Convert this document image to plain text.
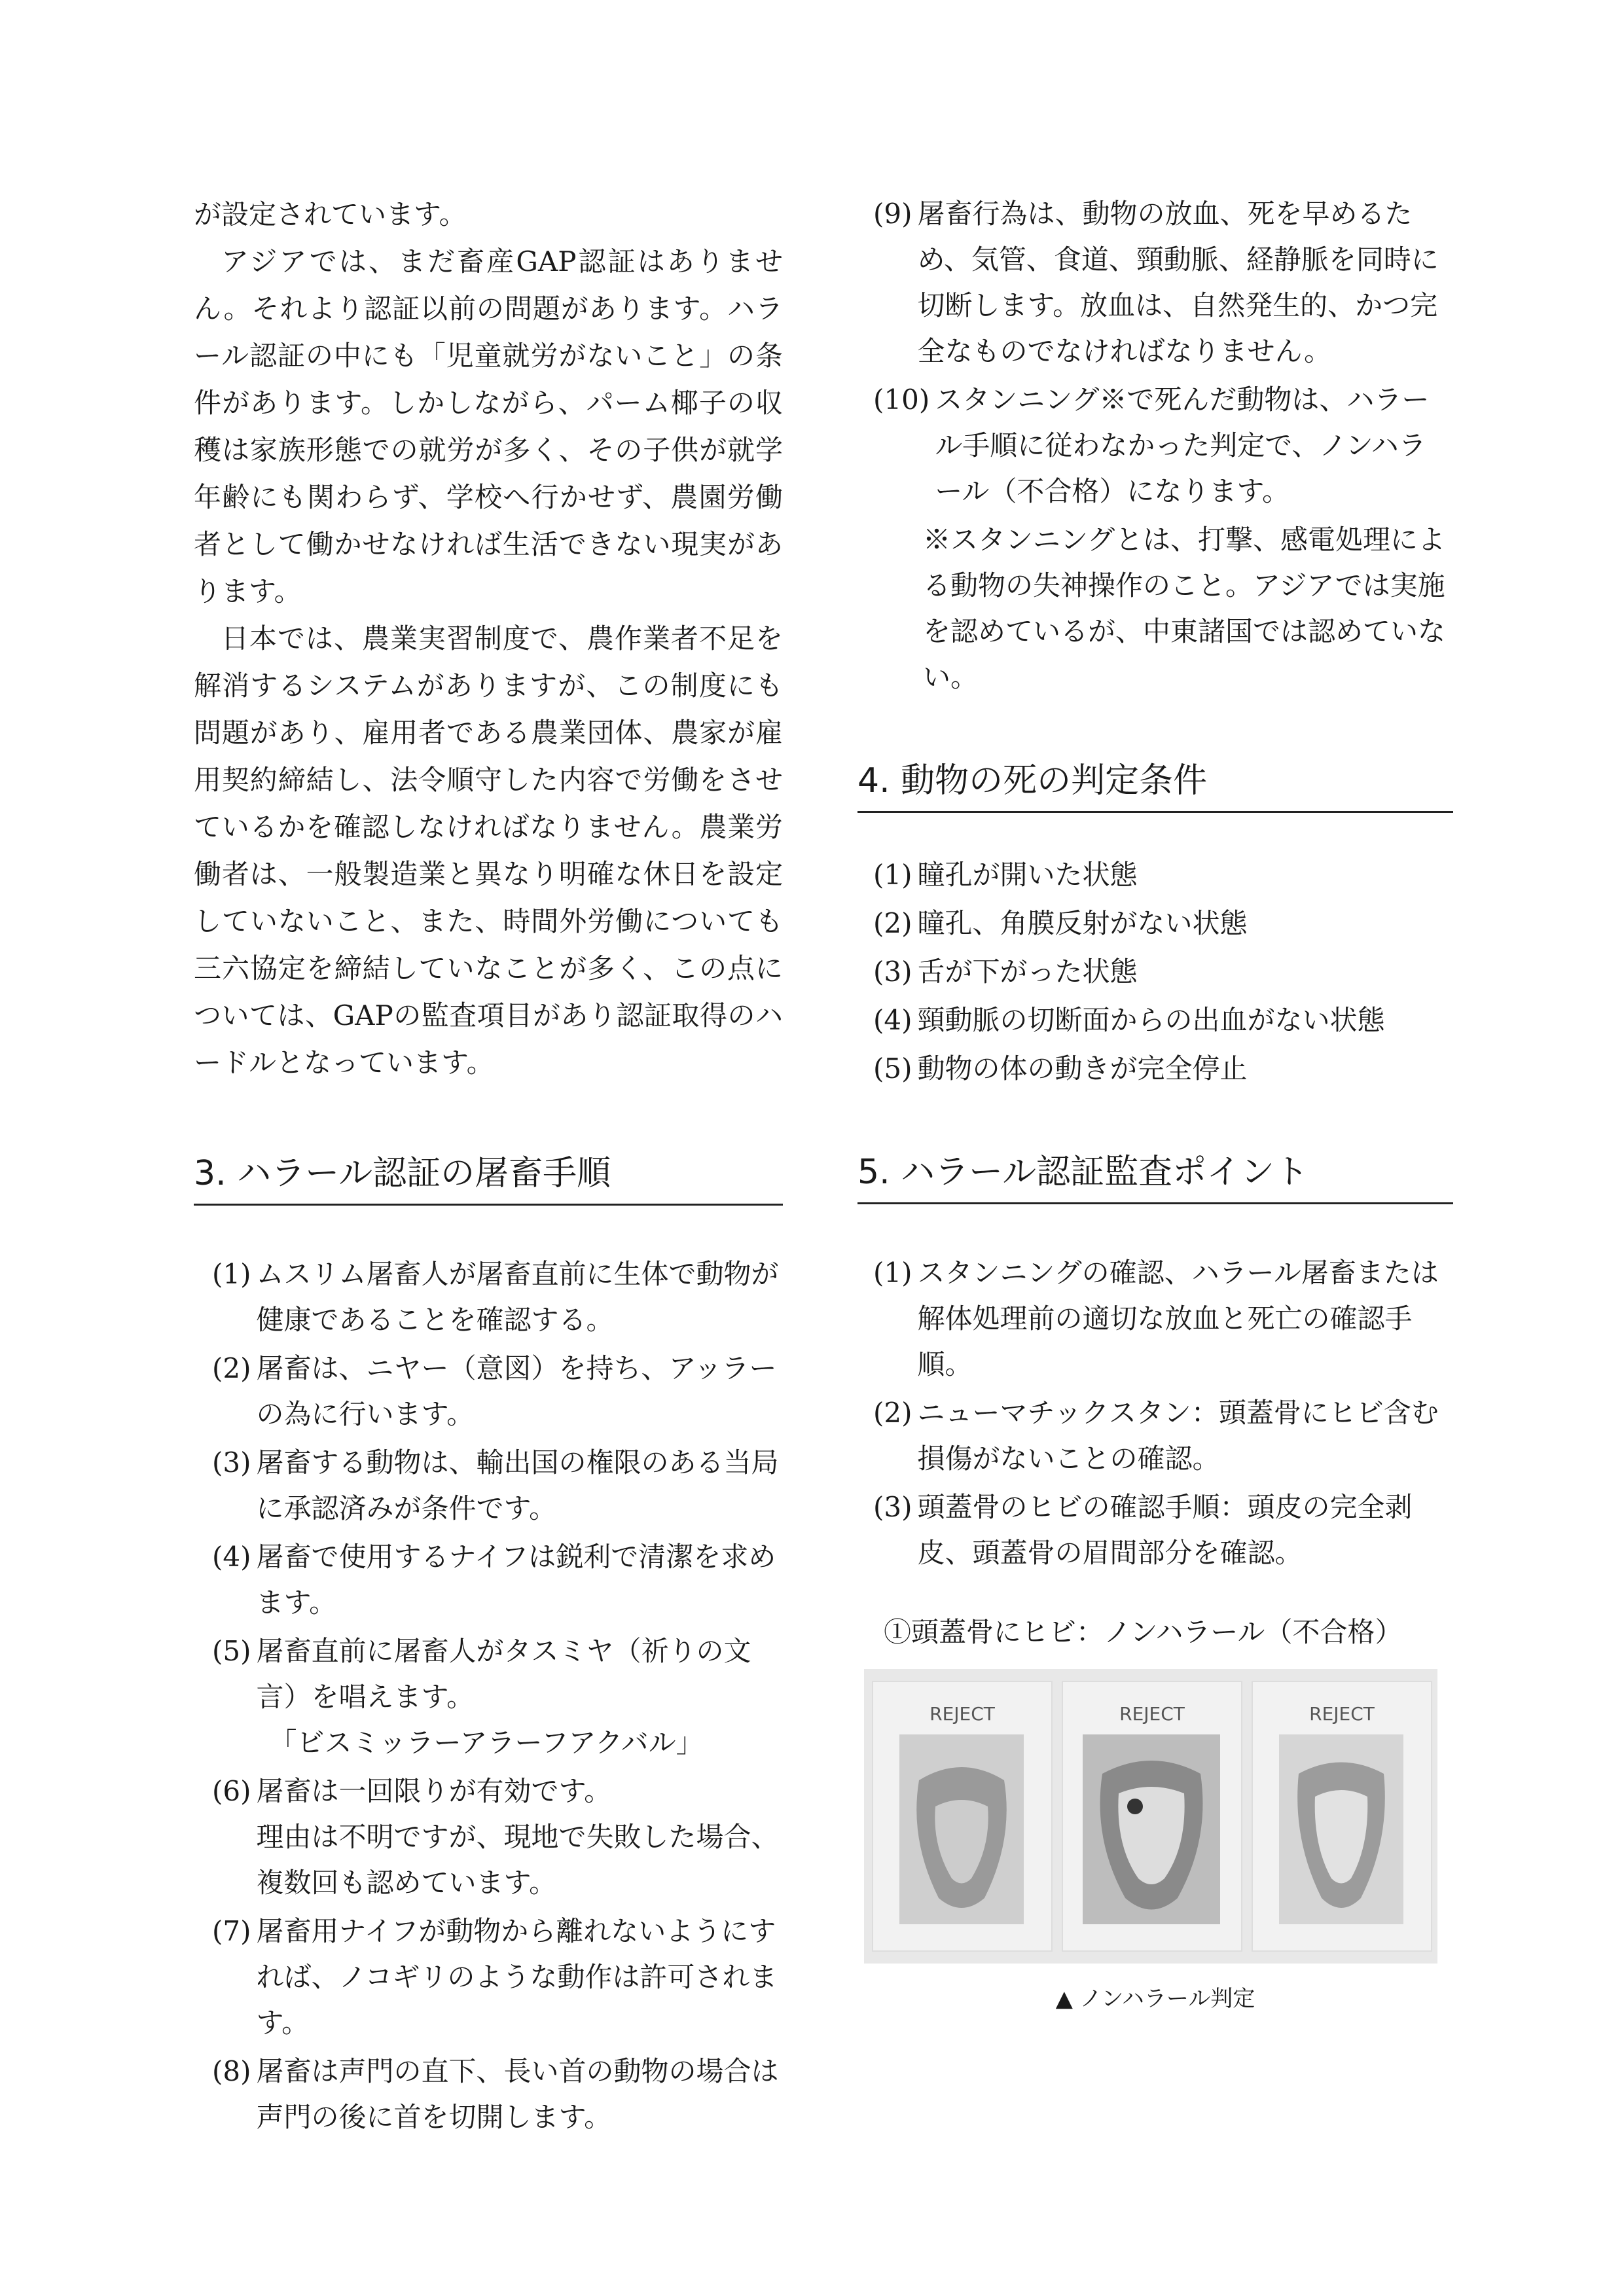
が設定されています。

アジアでは、まだ畜産GAP認証はありません。それより認証以前の問題があります。ハラール認証の中にも「児童就労がないこと」の条件があります。しかしながら、パーム椰子の収穫は家族形態での就労が多く、その子供が就学年齢にも関わらず、学校へ行かせず、農園労働者として働かせなければ生活できない現実があります。

日本では、農業実習制度で、農作業者不足を解消するシステムがありますが、この制度にも問題があり、雇用者である農業団体、農家が雇用契約締結し、法令順守した内容で労働をさせているかを確認しなければなりません。農業労働者は、一般製造業と異なり明確な休日を設定していないこと、また、時間外労働についても三六協定を締結していなことが多く、この点については、GAPの監査項目があり認証取得のハードルとなっています。

3. ハラール認証の屠畜手順
(1) ムスリム屠畜人が屠畜直前に生体で動物が健康であることを確認する。
(2) 屠畜は、ニヤー（意図）を持ち、アッラーの為に行います。
(3) 屠畜する動物は、輸出国の権限のある当局に承認済みが条件です。
(4) 屠畜で使用するナイフは鋭利で清潔を求めます。
(5) 屠畜直前に屠畜人がタスミヤ（祈りの文言）を唱えます。
「ビスミッラーアラーフアクバル」
(6) 屠畜は一回限りが有効です。
理由は不明ですが、現地で失敗した場合、複数回も認めています。
(7) 屠畜用ナイフが動物から離れないようにすれば、ノコギリのような動作は許可されます。
(8) 屠畜は声門の直下、長い首の動物の場合は声門の後に首を切開します。
(9) 屠畜行為は、動物の放血、死を早めるため、気管、食道、頸動脈、経静脈を同時に切断します。放血は、自然発生的、かつ完全なものでなければなりません。
(10) スタンニング※で死んだ動物は、ハラール手順に従わなかった判定で、ノンハラール（不合格）になります。
※スタンニングとは、打撃、感電処理による動物の失神操作のこと。アジアでは実施を認めているが、中東諸国では認めていない。
4. 動物の死の判定条件
(1) 瞳孔が開いた状態
(2) 瞳孔、角膜反射がない状態
(3) 舌が下がった状態
(4) 頸動脈の切断面からの出血がない状態
(5) 動物の体の動きが完全停止
5. ハラール認証監査ポイント
(1) スタンニングの確認、ハラール屠畜または解体処理前の適切な放血と死亡の確認手順。
(2) ニューマチックスタン：頭蓋骨にヒビ含む損傷がないことの確認。
(3) 頭蓋骨のヒビの確認手順：頭皮の完全剥皮、頭蓋骨の眉間部分を確認。
①頭蓋骨にヒビ：ノンハラール（不合格）
REJECT	REJECT	REJECT
▲ ノンハラール判定
